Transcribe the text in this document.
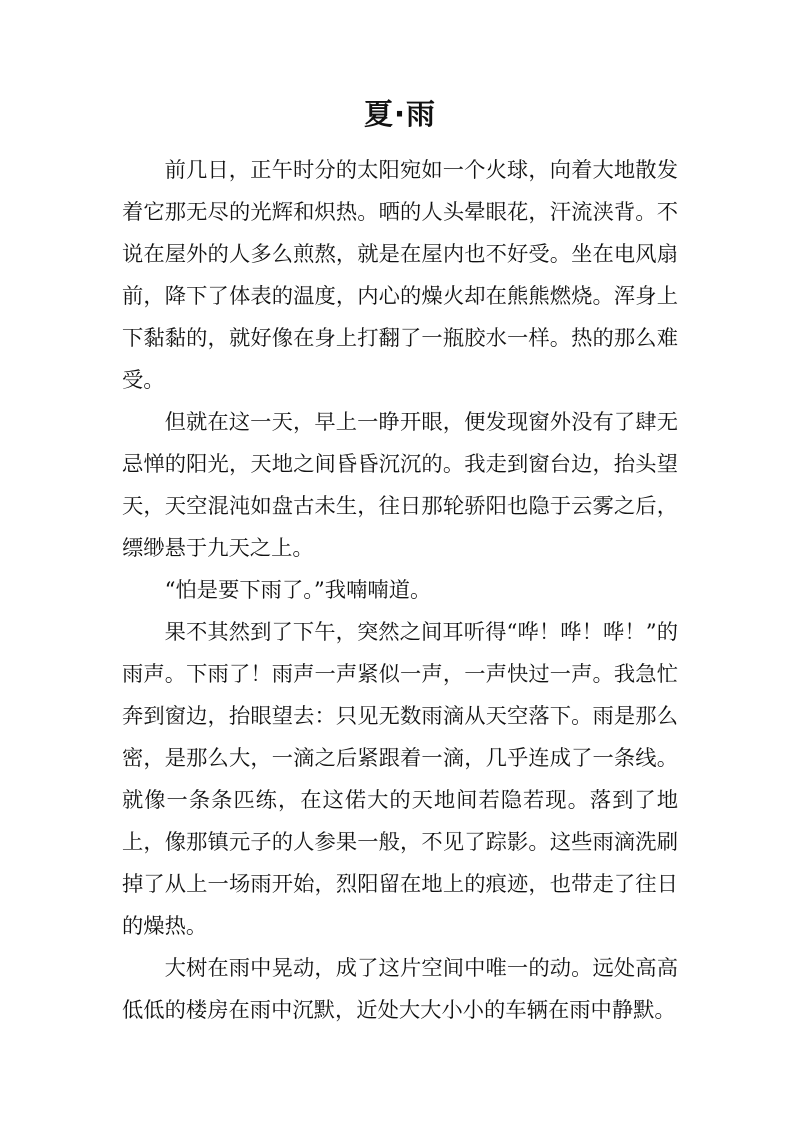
夏·雨

前几日，正午时分的太阳宛如一个火球，向着大地散发着它那无尽的光辉和炽热。晒的人头晕眼花，汗流浃背。不说在屋外的人多么煎熬，就是在屋内也不好受。坐在电风扇前，降下了体表的温度，内心的燥火却在熊熊燃烧。浑身上下黏黏的，就好像在身上打翻了一瓶胶水一样。热的那么难受。

但就在这一天，早上一睁开眼，便发现窗外没有了肆无忌惮的阳光，天地之间昏昏沉沉的。我走到窗台边，抬头望天，天空混沌如盘古未生，往日那轮骄阳也隐于云雾之后，缥缈悬于九天之上。

“怕是要下雨了。”我喃喃道。

果不其然到了下午，突然之间耳听得“哗！哗！哗！”的雨声。下雨了！雨声一声紧似一声，一声快过一声。我急忙奔到窗边，抬眼望去：只见无数雨滴从天空落下。雨是那么密，是那么大，一滴之后紧跟着一滴，几乎连成了一条线。就像一条条匹练，在这偌大的天地间若隐若现。落到了地上，像那镇元子的人参果一般，不见了踪影。这些雨滴洗刷掉了从上一场雨开始，烈阳留在地上的痕迹，也带走了往日的燥热。

大树在雨中晃动，成了这片空间中唯一的动。远处高高低低的楼房在雨中沉默，近处大大小小的车辆在雨中静默。
